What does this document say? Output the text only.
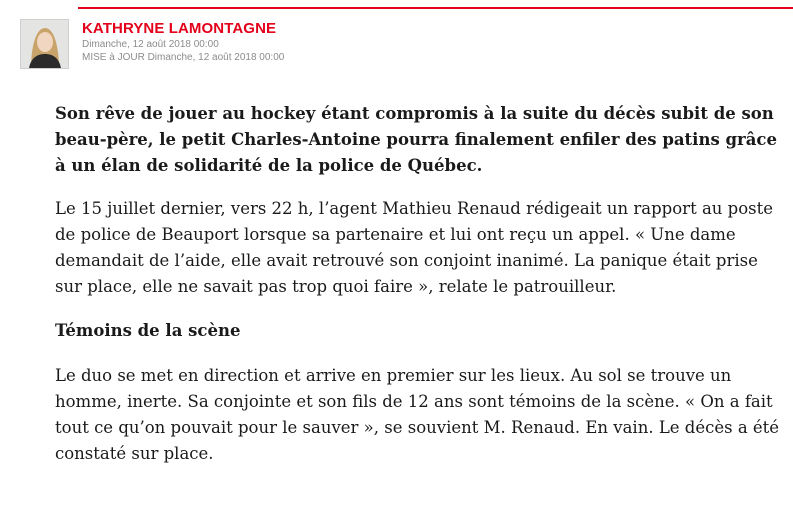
KATHRYNE LAMONTAGNE
Dimanche, 12 août 2018 00:00
MISE à JOUR Dimanche, 12 août 2018 00:00

Son rêve de jouer au hockey étant compromis à la suite du décès subit de son beau-père, le petit Charles-Antoine pourra finalement enfiler des patins grâce à un élan de solidarité de la police de Québec.

Le 15 juillet dernier, vers 22 h, l’agent Mathieu Renaud rédigeait un rapport au poste de police de Beauport lorsque sa partenaire et lui ont reçu un appel. « Une dame demandait de l’aide, elle avait retrouvé son conjoint inanimé. La panique était prise sur place, elle ne savait pas trop quoi faire », relate le patrouilleur.

Témoins de la scène

Le duo se met en direction et arrive en premier sur les lieux. Au sol se trouve un homme, inerte. Sa conjointe et son fils de 12 ans sont témoins de la scène. « On a fait tout ce qu’on pouvait pour le sauver », se souvient M. Renaud. En vain. Le décès a été constaté sur place.
